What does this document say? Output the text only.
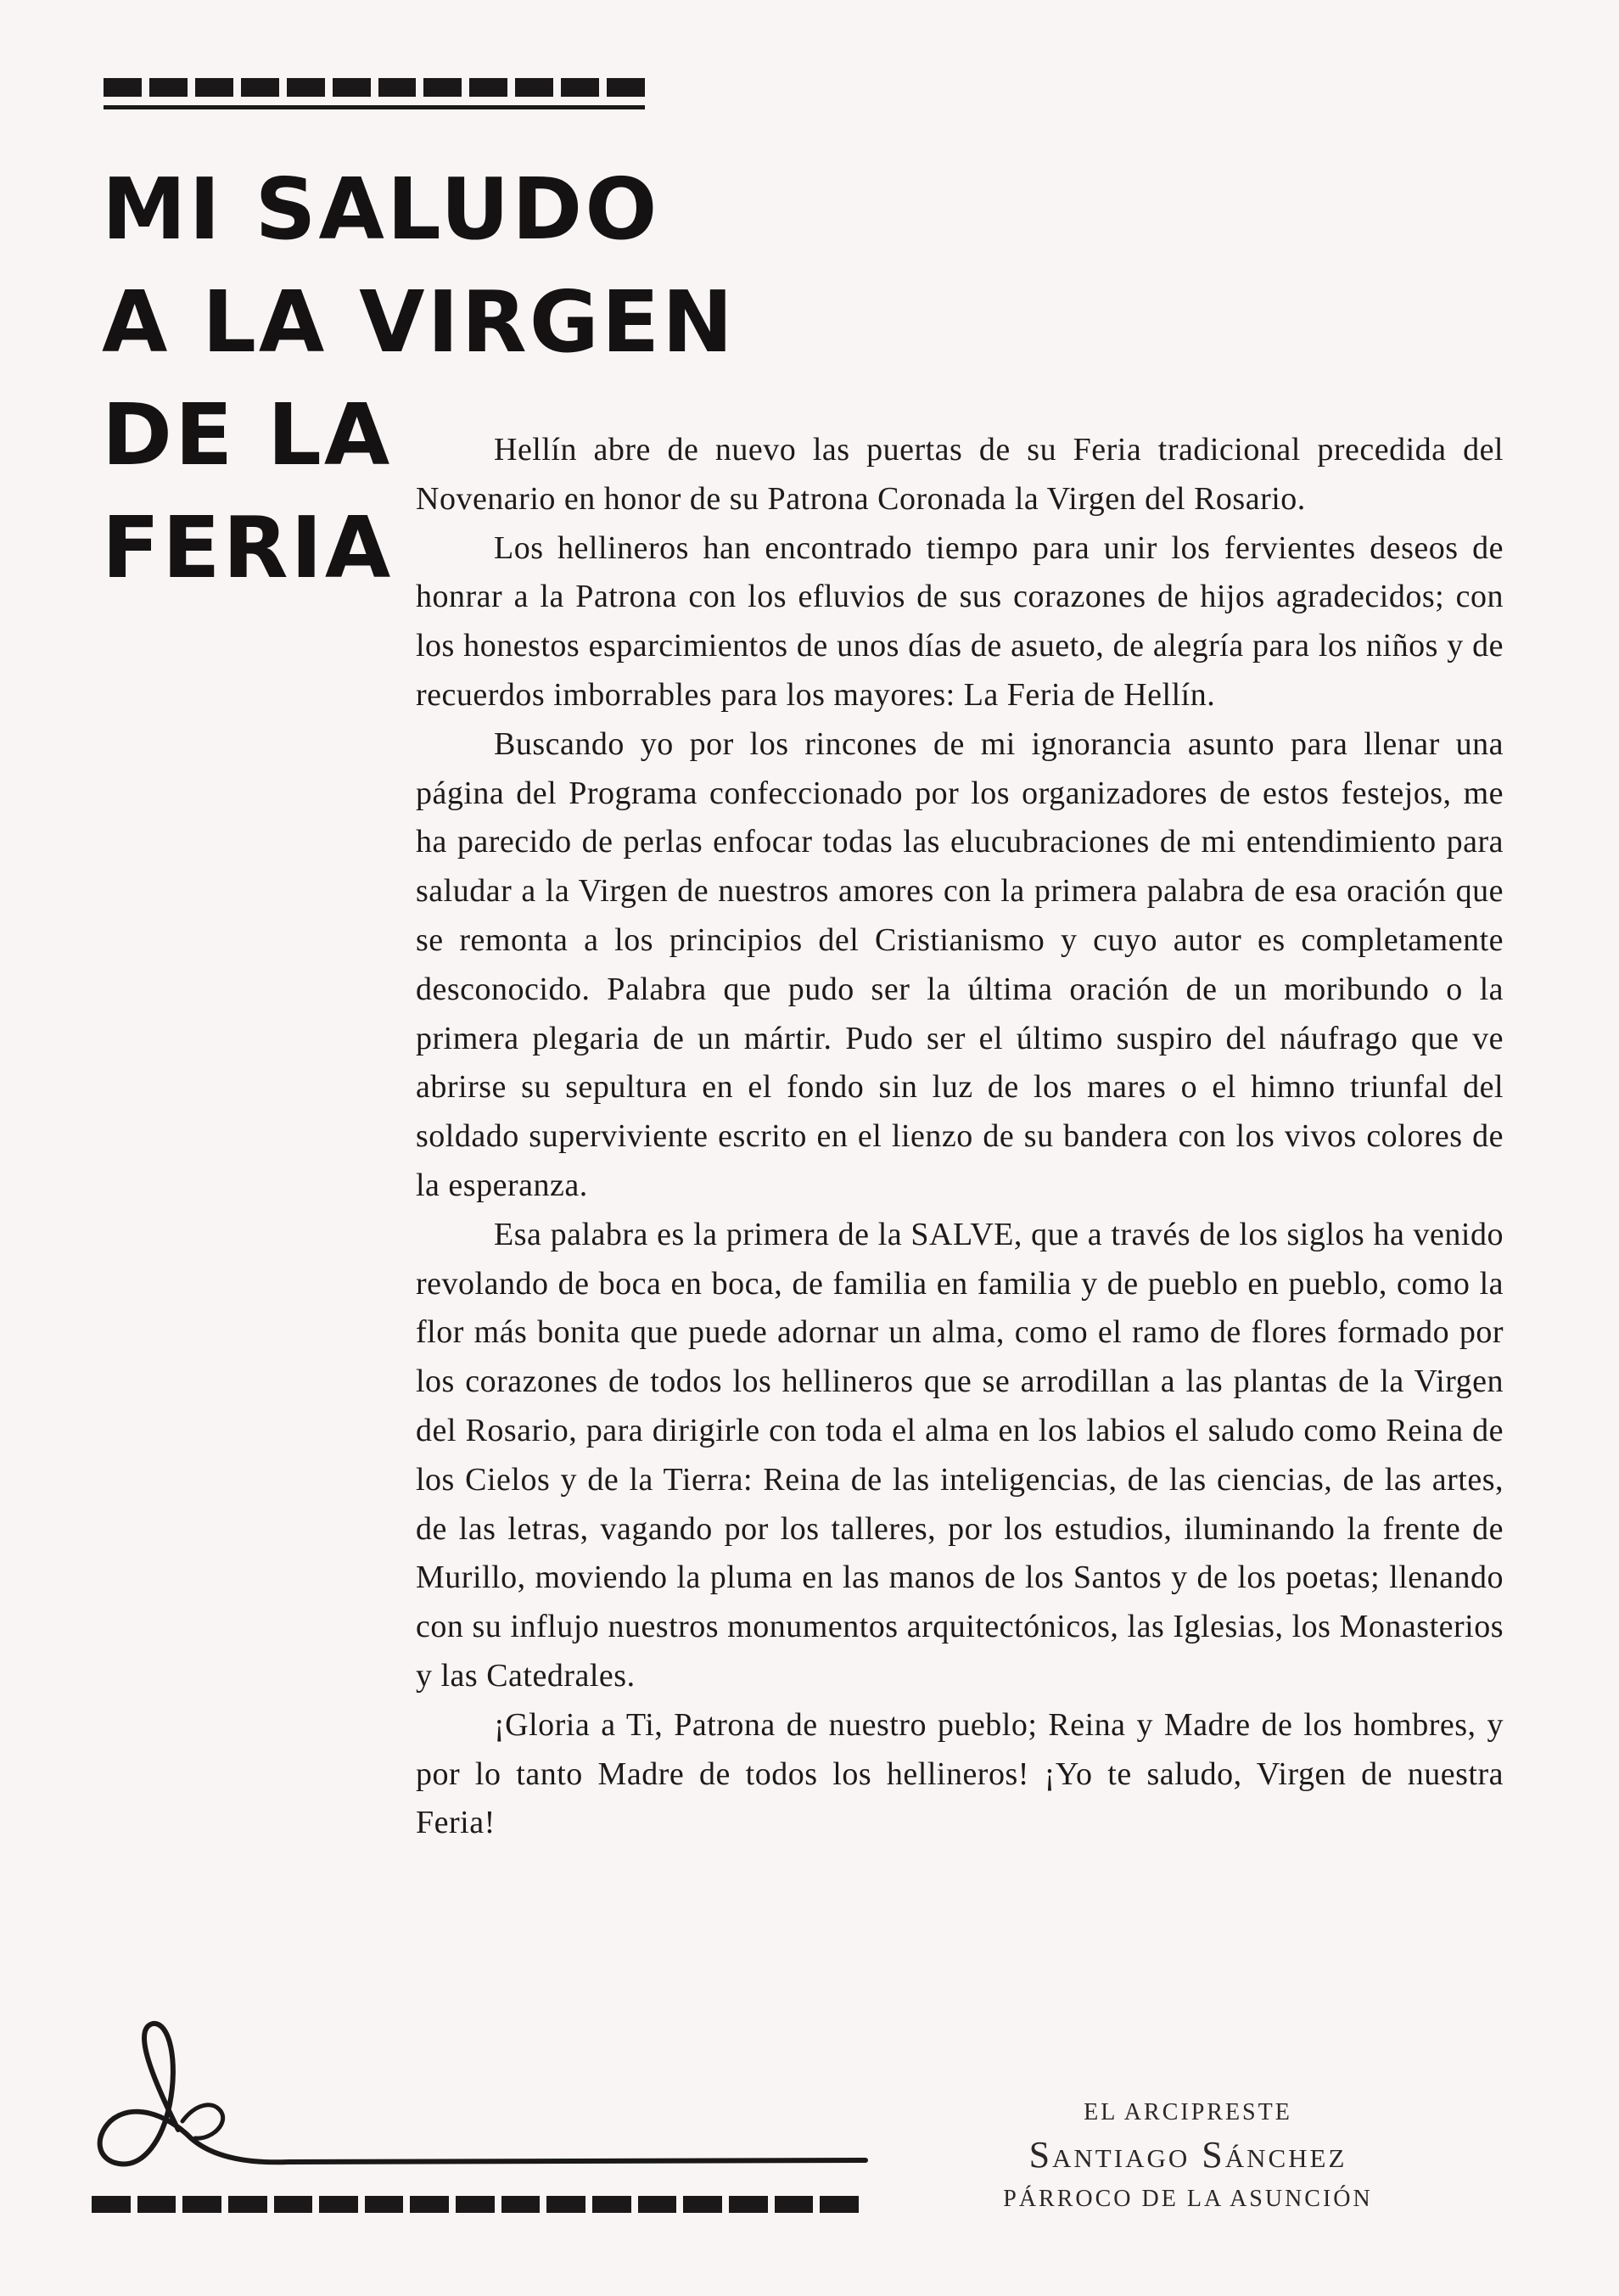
MI SALUDO
A LA VIRGEN
DE LA
FERIA

Hellín abre de nuevo las puertas de su Feria tradicional precedida del Novenario en honor de su Patrona Coronada la Virgen del Rosario.

Los hellineros han encontrado tiempo para unir los fervientes deseos de honrar a la Patrona con los efluvios de sus corazones de hijos agradecidos; con los honestos esparcimientos de unos días de asueto, de alegría para los niños y de recuerdos imborrables para los mayores: La Feria de Hellín.

Buscando yo por los rincones de mi ignorancia asunto para llenar una página del Programa confeccionado por los organizadores de estos festejos, me ha parecido de perlas enfocar todas las elucubraciones de mi entendimiento para saludar a la Virgen de nuestros amores con la primera palabra de esa oración que se remonta a los principios del Cristianismo y cuyo autor es completamente desconocido. Palabra que pudo ser la última oración de un moribundo o la primera plegaria de un mártir. Pudo ser el último suspiro del náufrago que ve abrirse su sepultura en el fondo sin luz de los mares o el himno triunfal del soldado superviviente escrito en el lienzo de su bandera con los vivos colores de la esperanza.

Esa palabra es la primera de la SALVE, que a través de los siglos ha venido revolando de boca en boca, de familia en familia y de pueblo en pueblo, como la flor más bonita que puede adornar un alma, como el ramo de flores formado por los corazones de todos los hellineros que se arrodillan a las plantas de la Virgen del Rosario, para dirigirle con toda el alma en los labios el saludo como Reina de los Cielos y de la Tierra: Reina de las inteligencias, de las ciencias, de las artes, de las letras, vagando por los talleres, por los estudios, iluminando la frente de Murillo, moviendo la pluma en las manos de los Santos y de los poetas; llenando con su influjo nuestros monumentos arquitectónicos, las Iglesias, los Monasterios y las Catedrales.

¡Gloria a Ti, Patrona de nuestro pueblo; Reina y Madre de los hombres, y por lo tanto Madre de todos los hellineros! ¡Yo te saludo, Virgen de nuestra Feria!

EL ARCIPRESTE
Santiago Sánchez
PÁRROCO DE LA ASUNCIÓN
